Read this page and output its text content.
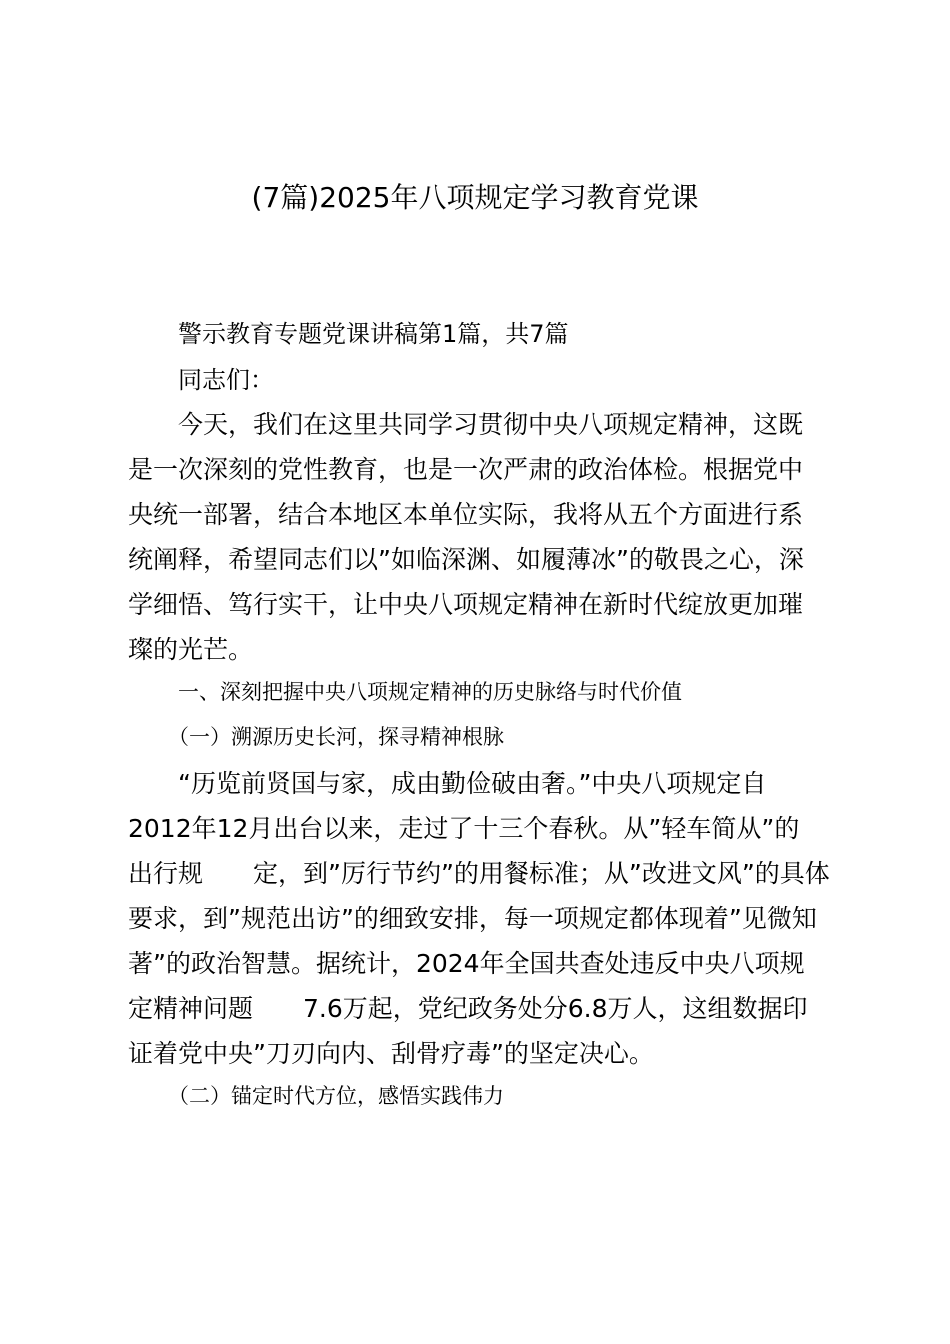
(7篇)2025年八项规定学习教育党课
警示教育专题党课讲稿第1篇，共7篇
同志们：
今天，我们在这里共同学习贯彻中央八项规定精神，这既
是一次深刻的党性教育，也是一次严肃的政治体检。根据党中
央统一部署，结合本地区本单位实际，我将从五个方面进行系
统阐释，希望同志们以”如临深渊、如履薄冰”的敬畏之心，深
学细悟、笃行实干，让中央八项规定精神在新时代绽放更加璀
璨的光芒。
一、深刻把握中央八项规定精神的历史脉络与时代价值
（一）溯源历史长河，探寻精神根脉
“历览前贤国与家，成由勤俭破由奢。”中央八项规定自
2012年12月出台以来，走过了十三个春秋。从”轻车简从”的
出行规　　定，到”厉行节约”的用餐标准；从”改进文风”的具体
要求，到”规范出访”的细致安排，每一项规定都体现着”见微知
著”的政治智慧。据统计，2024年全国共查处违反中央八项规
定精神问题　　7.6万起，党纪政务处分6.8万人，这组数据印
证着党中央”刀刃向内、刮骨疗毒”的坚定决心。
（二）锚定时代方位，感悟实践伟力
